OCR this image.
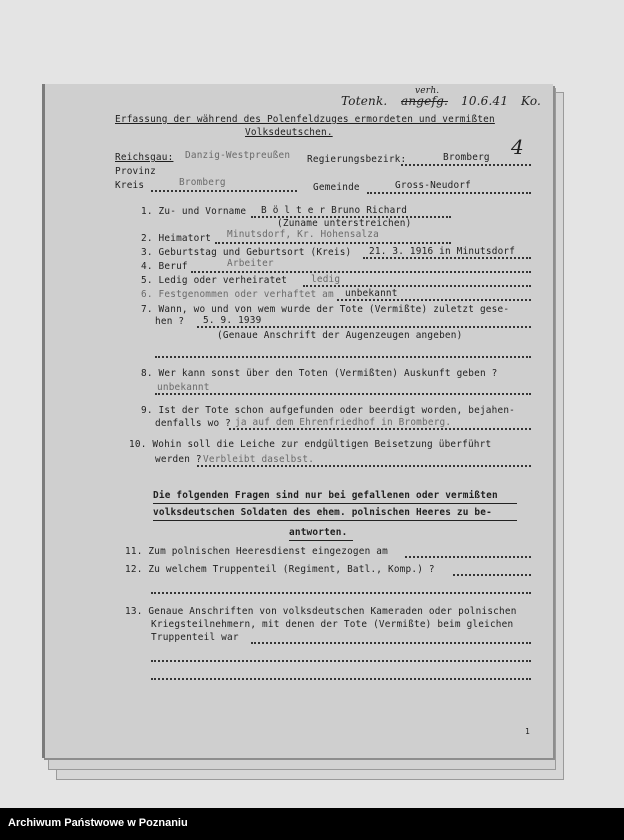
Totenk. angefg.
verh.
10.6.41 Ko.
4
Erfassung der während des Polenfeldzuges ermordeten und vermißten
Volksdeutschen.
Reichsgau: Danzig-Westpreußen Regierungsbezirk:	Bromberg
Provinz
Kreis	Bromberg	Gemeinde	Gross-Neudorf
1. Zu- und Vorname B ö l t e r Bruno Richard
(Zuname unterstreichen)
2. Heimatort Minutsdorf, Kr. Hohensalza
3. Geburtstag und Geburtsort (Kreis) 21. 3. 1916 in Minutsdorf
4. Beruf	Arbeiter
5. Ledig oder verheiratet	ledig
6. Festgenommen oder verhaftet am unbekannt
7. Wann, wo und von wem wurde der Tote (Vermißte) zuletzt gese-
hen ? 5. 9. 1939
(Genaue Anschrift der Augenzeugen angeben)
8. Wer kann sonst über den Toten (Vermißten) Auskunft geben ?
unbekannt
9. Ist der Tote schon aufgefunden oder beerdigt worden, bejahen-
denfalls wo ? ja auf dem Ehrenfriedhof in Bromberg.
10. Wohin soll die Leiche zur endgültigen Beisetzung überführt
werden ? Verbleibt daselbst.
Die folgenden Fragen sind nur bei gefallenen oder vermißten
volksdeutschen Soldaten des ehem. polnischen Heeres zu be-
antworten.
11. Zum polnischen Heeresdienst eingezogen am
12. Zu welchem Truppenteil (Regiment, Batl., Komp.) ?
13. Genaue Anschriften von volksdeutschen Kameraden oder polnischen
Kriegsteilnehmern, mit denen der Tote (Vermißte) beim gleichen
Truppenteil war
1
Archiwum Państwowe w Poznaniu
